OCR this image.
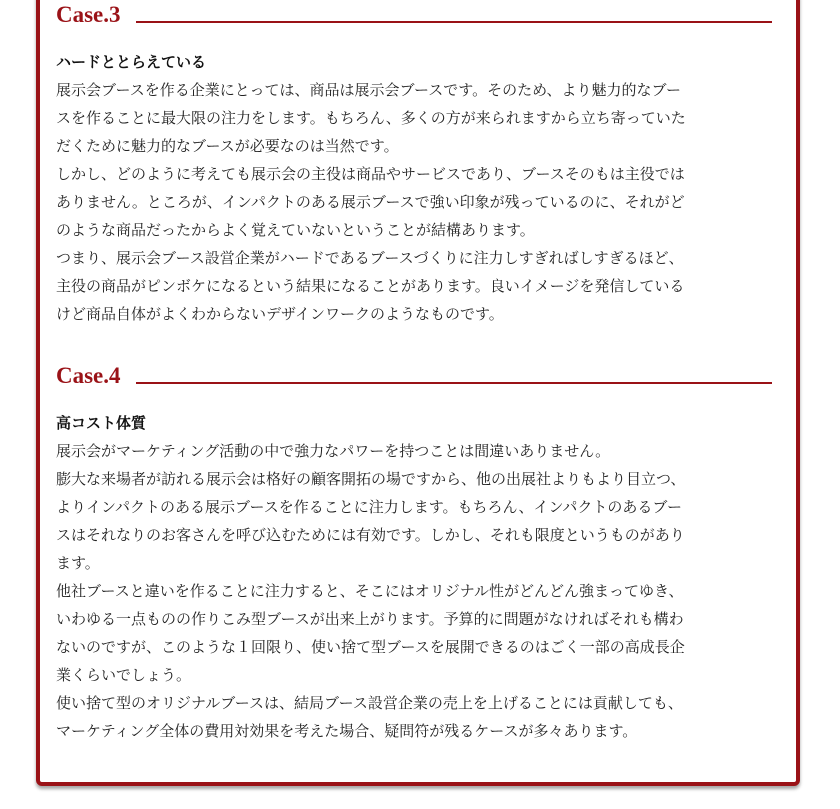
Case.3
ハードととらえている
展示会ブースを作る企業にとっては、商品は展示会ブースです。そのため、より魅力的なブー
スを作ることに最大限の注力をします。もちろん、多くの方が来られますから立ち寄っていた
だくために魅力的なブースが必要なのは当然です。
しかし、どのように考えても展示会の主役は商品やサービスであり、ブースそのもは主役では
ありません。ところが、インパクトのある展示ブースで強い印象が残っているのに、それがど
のような商品だったからよく覚えていないということが結構あります。
つまり、展示会ブース設営企業がハードであるブースづくりに注力しすぎればしすぎるほど、
主役の商品がピンボケになるという結果になることがあります。良いイメージを発信している
けど商品自体がよくわからないデザインワークのようなものです。
Case.4
高コスト体質
展示会がマーケティング活動の中で強力なパワーを持つことは間違いありません。
膨大な来場者が訪れる展示会は格好の顧客開拓の場ですから、他の出展社よりもより目立つ、
よりインパクトのある展示ブースを作ることに注力します。もちろん、インパクトのあるブー
スはそれなりのお客さんを呼び込むためには有効です。しかし、それも限度というものがあり
ます。
他社ブースと違いを作ることに注力すると、そこにはオリジナル性がどんどん強まってゆき、
いわゆる一点ものの作りこみ型ブースが出来上がります。予算的に問題がなければそれも構わ
ないのですが、このような１回限り、使い捨て型ブースを展開できるのはごく一部の高成長企
業くらいでしょう。
使い捨て型のオリジナルブースは、結局ブース設営企業の売上を上げることには貢献しても、
マーケティング全体の費用対効果を考えた場合、疑問符が残るケースが多々あります。
